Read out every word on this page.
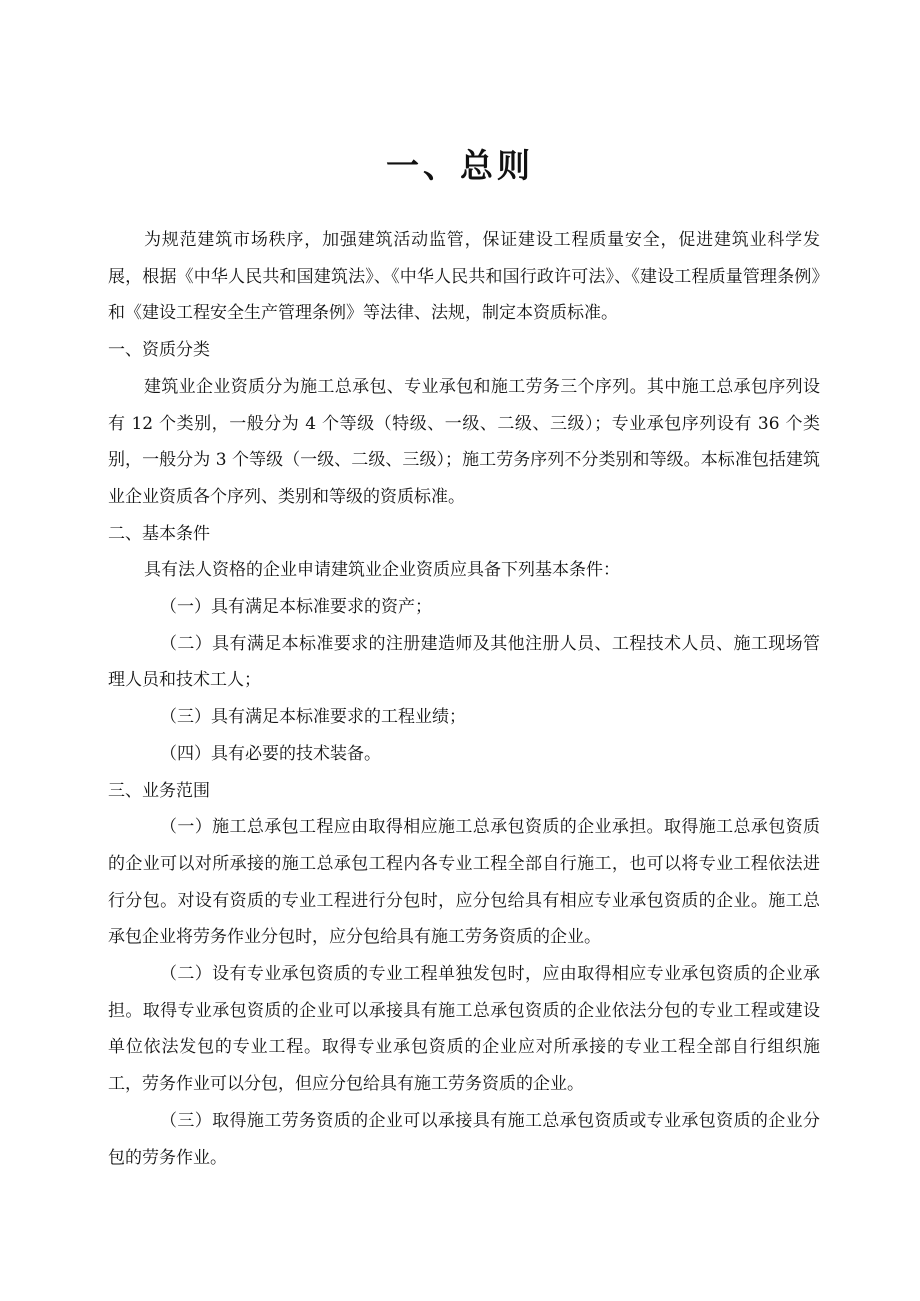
一、总则

为规范建筑市场秩序，加强建筑活动监管，保证建设工程质量安全，促进建筑业科学发展，根据《中华人民共和国建筑法》、《中华人民共和国行政许可法》、《建设工程质量管理条例》和《建设工程安全生产管理条例》等法律、法规，制定本资质标准。

一、资质分类

建筑业企业资质分为施工总承包、专业承包和施工劳务三个序列。其中施工总承包序列设有 12 个类别，一般分为 4 个等级（特级、一级、二级、三级）；专业承包序列设有 36 个类别，一般分为 3 个等级（一级、二级、三级）；施工劳务序列不分类别和等级。本标准包括建筑业企业资质各个序列、类别和等级的资质标准。

二、基本条件

具有法人资格的企业申请建筑业企业资质应具备下列基本条件：

（一）具有满足本标准要求的资产；

（二）具有满足本标准要求的注册建造师及其他注册人员、工程技术人员、施工现场管理人员和技术工人；

（三）具有满足本标准要求的工程业绩；

（四）具有必要的技术装备。

三、业务范围

（一）施工总承包工程应由取得相应施工总承包资质的企业承担。取得施工总承包资质的企业可以对所承接的施工总承包工程内各专业工程全部自行施工，也可以将专业工程依法进行分包。对设有资质的专业工程进行分包时，应分包给具有相应专业承包资质的企业。施工总承包企业将劳务作业分包时，应分包给具有施工劳务资质的企业。

（二）设有专业承包资质的专业工程单独发包时，应由取得相应专业承包资质的企业承担。取得专业承包资质的企业可以承接具有施工总承包资质的企业依法分包的专业工程或建设单位依法发包的专业工程。取得专业承包资质的企业应对所承接的专业工程全部自行组织施工，劳务作业可以分包，但应分包给具有施工劳务资质的企业。

（三）取得施工劳务资质的企业可以承接具有施工总承包资质或专业承包资质的企业分包的劳务作业。
